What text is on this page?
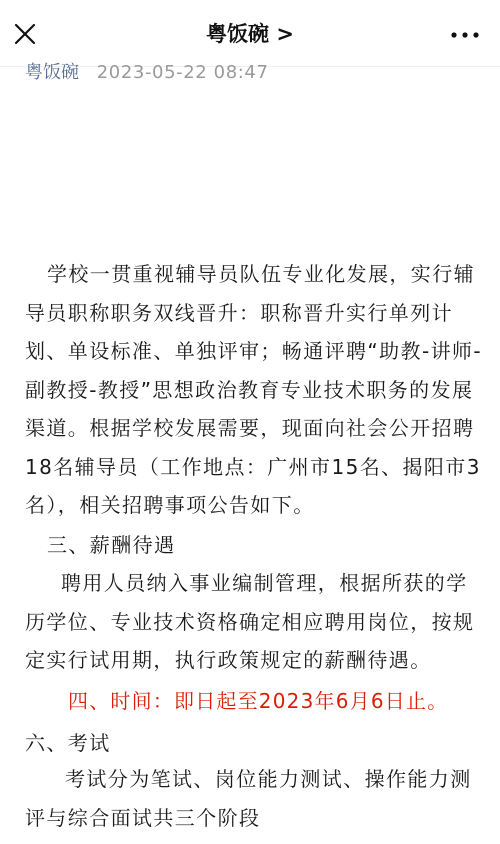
粤饭碗 >
粤饭碗 2023-05-22 08:47
学校一贯重视辅导员队伍专业化发展，实行辅
导员职称职务双线晋升：职称晋升实行单列计
划、单设标准、单独评审；畅通评聘“助教-讲师-
副教授-教授”思想政治教育专业技术职务的发展
渠道。根据学校发展需要，现面向社会公开招聘
18名辅导员（工作地点：广州市15名、揭阳市3
名），相关招聘事项公告如下。
三、薪酬待遇
聘用人员纳入事业编制管理，根据所获的学
历学位、专业技术资格确定相应聘用岗位，按规
定实行试用期，执行政策规定的薪酬待遇。
四、时间：即日起至2023年6月6日止。
六、考试
考试分为笔试、岗位能力测试、操作能力测
评与综合面试共三个阶段
